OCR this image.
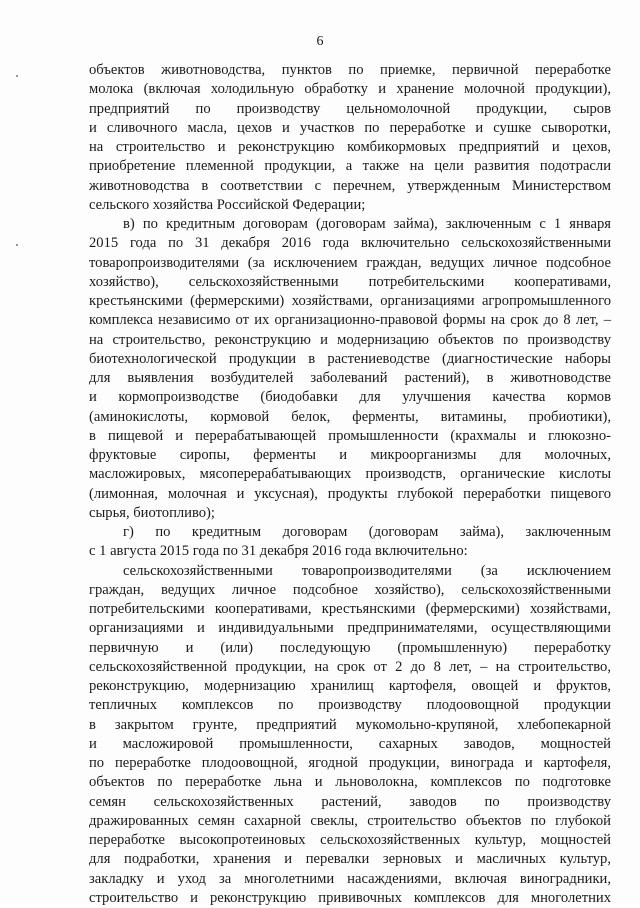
6

объектов животноводства, пунктов по приемке, первичной переработке
молока (включая холодильную обработку и хранение молочной продукции),
предприятий по производству цельномолочной продукции, сыров
и сливочного масла, цехов и участков по переработке и сушке сыворотки,
на строительство и реконструкцию комбикормовых предприятий и цехов,
приобретение племенной продукции, а также на цели развития подотрасли
животноводства в соответствии с перечнем, утвержденным Министерством
сельского хозяйства Российской Федерации;

в) по кредитным договорам (договорам займа), заключенным с 1 января
2015 года по 31 декабря 2016 года включительно сельскохозяйственными
товаропроизводителями (за исключением граждан, ведущих личное подсобное
хозяйство), сельскохозяйственными потребительскими кооперативами,
крестьянскими (фермерскими) хозяйствами, организациями агропромышленного
комплекса независимо от их организационно-правовой формы на срок до 8 лет, –
на строительство, реконструкцию и модернизацию объектов по производству
биотехнологической продукции в растениеводстве (диагностические наборы
для выявления возбудителей заболеваний растений), в животноводстве
и кормопроизводстве (биодобавки для улучшения качества кормов
(аминокислоты, кормовой белок, ферменты, витамины, пробиотики),
в пищевой и перерабатывающей промышленности (крахмалы и глюкозно-
фруктовые сиропы, ферменты и микроорганизмы для молочных,
масложировых, мясоперерабатывающих производств, органические кислоты
(лимонная, молочная и уксусная), продукты глубокой переработки пищевого
сырья, биотопливо);

г) по кредитным договорам (договорам займа), заключенным
с 1 августа 2015 года по 31 декабря 2016 года включительно:

сельскохозяйственными товаропроизводителями (за исключением
граждан, ведущих личное подсобное хозяйство), сельскохозяйственными
потребительскими кооперативами, крестьянскими (фермерскими) хозяйствами,
организациями и индивидуальными предпринимателями, осуществляющими
первичную и (или) последующую (промышленную) переработку
сельскохозяйственной продукции, на срок от 2 до 8 лет, – на строительство,
реконструкцию, модернизацию хранилищ картофеля, овощей и фруктов,
тепличных комплексов по производству плодоовощной продукции
в закрытом грунте, предприятий мукомольно-крупяной, хлебопекарной
и масложировой промышленности, сахарных заводов, мощностей
по переработке плодоовощной, ягодной продукции, винограда и картофеля,
объектов по переработке льна и льноволокна, комплексов по подготовке
семян сельскохозяйственных растений, заводов по производству
дражированных семян сахарной свеклы, строительство объектов по глубокой
переработке высокопротеиновых сельскохозяйственных культур, мощностей
для подработки, хранения и перевалки зерновых и масличных культур,
закладку и уход за многолетними насаждениями, включая виноградники,
строительство и реконструкцию прививочных комплексов для многолетних
